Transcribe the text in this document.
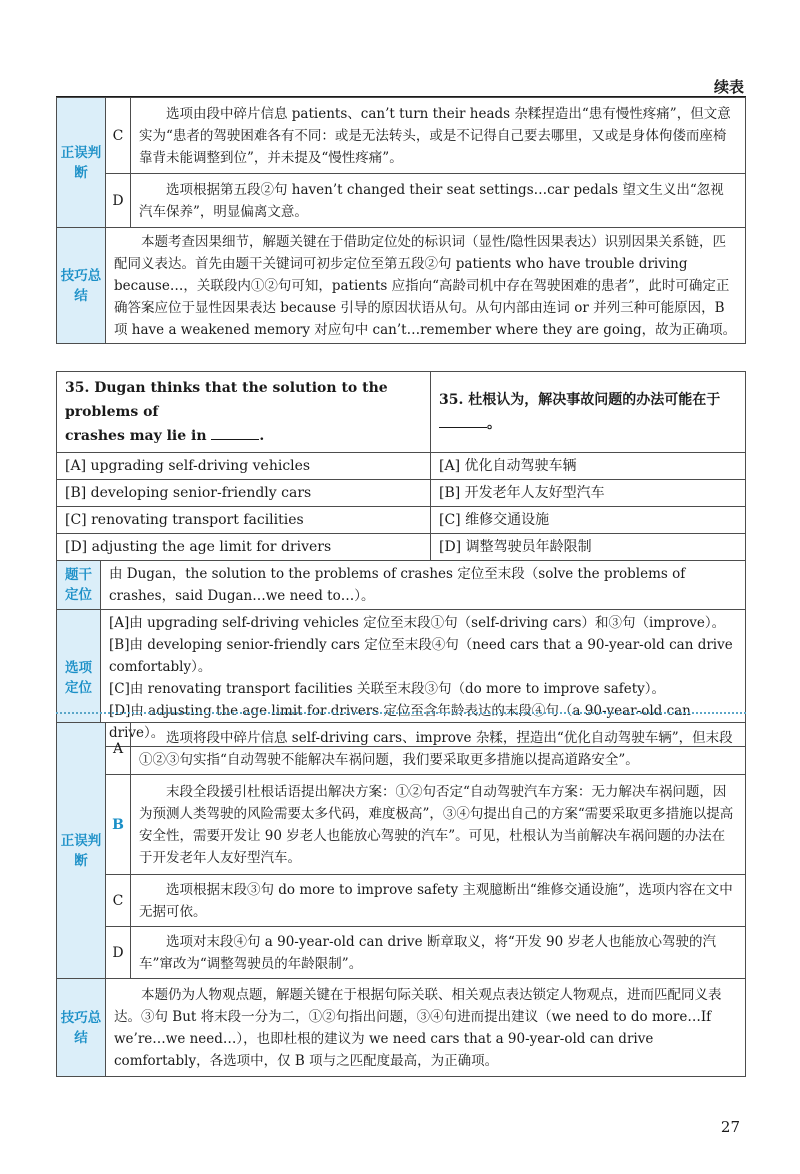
续表
正误判断	C	选项由段中碎片信息 patients、can’t turn their heads 杂糅捏造出“患有慢性疼痛”，但文意实为“患者的驾驶困难各有不同：或是无法转头，或是不记得自己要去哪里，又或是身体佝偻而座椅靠背未能调整到位”，并未提及“慢性疼痛”。
	D	选项根据第五段②句 haven’t changed their seat settings…car pedals 望文生义出“忽视汽车保养”，明显偏离文意。
技巧总结	本题考查因果细节，解题关键在于借助定位处的标识词（显性/隐性因果表达）识别因果关系链，匹配同义表达。首先由题干关键词可初步定位至第五段②句 patients who have trouble driving because…，关联段内①②句可知，patients 应指向“高龄司机中存在驾驶困难的患者”，此时可确定正确答案应位于显性因果表达 because 引导的原因状语从句。从句内部由连词 or 并列三种可能原因，B 项 have a weakened memory 对应句中 can’t…remember where they are going，故为正确项。	
35. Dugan thinks that the solution to the problems of
crashes may lie in .		35. 杜根认为，解决事故问题的办法可能在于
。
[A] upgrading self-driving vehicles		[A] 优化自动驾驶车辆
[B] developing senior-friendly cars		[B] 开发老年人友好型汽车
[C] renovating transport facilities		[C] 维修交通设施
[D] adjusting the age limit for drivers		[D] 调整驾驶员年龄限制
题干定位	由 Dugan，the solution to the problems of crashes 定位至末段（solve the problems of crashes，said Dugan…we need to…）。	
选项定位	[A]由 upgrading self-driving vehicles 定位至末段①句（self-driving cars）和③句（improve）。
[B]由 developing senior-friendly cars 定位至末段④句（need cars that a 90-year-old can drive comfortably）。
[C]由 renovating transport facilities 关联至末段③句（do more to improve safety）。
[D]由 adjusting the age limit for drivers 定位至含年龄表达的末段④句（a 90-year-old can drive）。	
正误判断	A	选项将段中碎片信息 self-driving cars、improve 杂糅，捏造出“优化自动驾驶车辆”，但末段①②③句实指“自动驾驶不能解决车祸问题，我们要采取更多措施以提高道路安全”。
	B	末段全段援引杜根话语提出解决方案：①②句否定“自动驾驶汽车方案：无力解决车祸问题，因为预测人类驾驶的风险需要太多代码，难度极高”，③④句提出自己的方案“需要采取更多措施以提高安全性，需要开发让 90 岁老人也能放心驾驶的汽车”。可见，杜根认为当前解决车祸问题的办法在于开发老年人友好型汽车。
	C	选项根据末段③句 do more to improve safety 主观臆断出“维修交通设施”，选项内容在文中无据可依。
	D	选项对末段④句 a 90-year-old can drive 断章取义，将“开发 90 岁老人也能放心驾驶的汽车”窜改为“调整驾驶员的年龄限制”。
技巧总结	本题仍为人物观点题，解题关键在于根据句际关联、相关观点表达锁定人物观点，进而匹配同义表达。③句 But 将末段一分为二，①②句指出问题，③④句进而提出建议（we need to do more…If we’re…we need…），也即杜根的建议为 we need cars that a 90-year-old can drive comfortably，各选项中，仅 B 项与之匹配度最高，为正确项。	
27
